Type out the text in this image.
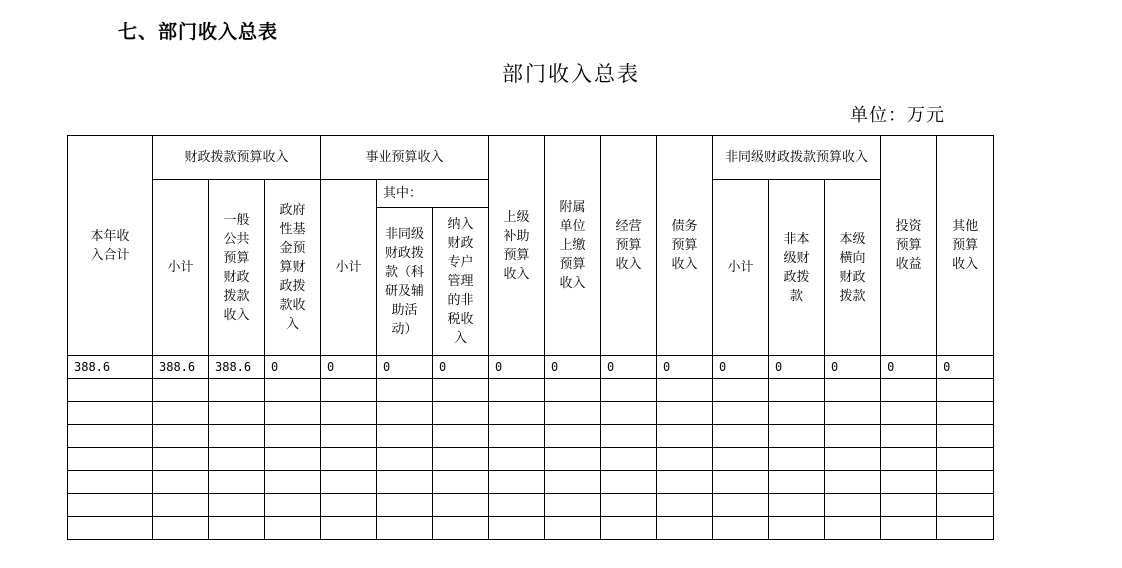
七、部门收入总表
部门收入总表
单位：万元
本年收入合计	财政拨款预算收入			事业预算收入			上级补助预算收入	附属单位上缴预算收入	经营预算收入	债务预算收入	非同级财政拨款预算收入			投资预算收益	其他预算收入
	小计	一般公共预算财政拨款收入	政府性基金预算财政拨款收入	小计	其中：						小计	非本级财政拨款	本级横向财政拨款		
					非同级财政拨款（科研及辅助活动）	纳入财政专户管理的非税收入									
388.6	388.6	388.6	0	0	0	0	0	0	0	0	0	0	0	0	0
